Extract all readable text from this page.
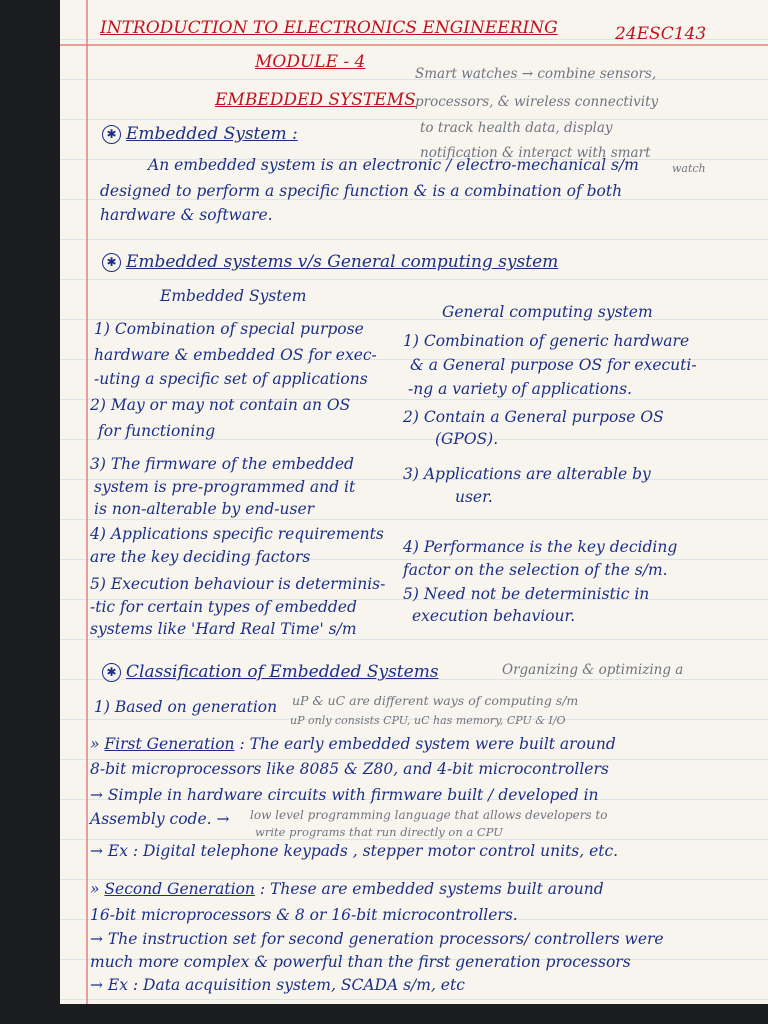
INTRODUCTION TO ELECTRONICS ENGINEERING	24ESC143
MODULE - 4
EMBEDDED SYSTEMS
Smart watches → combine sensors,
processors, & wireless connectivity
to track health data, display
notification & interact with smart
watch
✱ Embedded System :
An embedded system is an electronic / electro-mechanical s/m
designed to perform a specific function & is a combination of both
hardware & software.
✱ Embedded systems v/s General computing system
Embedded System
General computing system
1) Combination of special purpose
hardware & embedded OS for exec-
-uting a specific set of applications
2) May or may not contain an OS
for functioning
3) The firmware of the embedded
system is pre-programmed and it
is non-alterable by end-user
4) Applications specific requirements
are the key deciding factors
5) Execution behaviour is determinis-
-tic for certain types of embedded
systems like 'Hard Real Time' s/m
1) Combination of generic hardware
& a General purpose OS for executi-
-ng a variety of applications.
2) Contain a General purpose OS
(GPOS).
3) Applications are alterable by
user.
4) Performance is the key deciding
factor on the selection of the s/m.
5) Need not be deterministic in
execution behaviour.
✱ Classification of Embedded Systems	Organizing & optimizing a
1) Based on generation uP & uC are different ways of computing s/m
uP only consists CPU, uC has memory, CPU & I/O
» First Generation : The early embedded system were built around
8-bit microprocessors like 8085 & Z80, and 4-bit microcontrollers
→ Simple in hardware circuits with firmware built / developed in
Assembly code. → low level programming language that allows developers to
write programs that run directly on a CPU
→ Ex : Digital telephone keypads , stepper motor control units, etc.
» Second Generation : These are embedded systems built around
16-bit microprocessors & 8 or 16-bit microcontrollers.
→ The instruction set for second generation processors/ controllers were
much more complex & powerful than the first generation processors
→ Ex : Data acquisition system, SCADA s/m, etc
